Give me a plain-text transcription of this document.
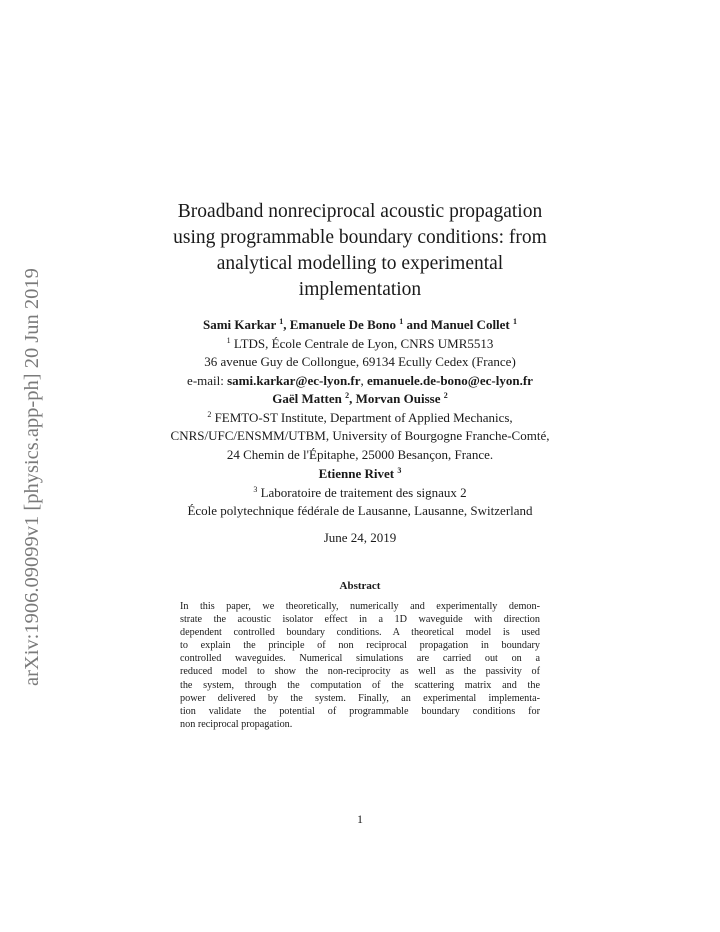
arXiv:1906.09099v1 [physics.app-ph] 20 Jun 2019
Broadband nonreciprocal acoustic propagation
using programmable boundary conditions: from
analytical modelling to experimental
implementation
Sami Karkar $^1$, Emanuele De Bono $^1$ and Manuel Collet $^1$
$^1$ LTDS, École Centrale de Lyon, CNRS UMR5513
36 avenue Guy de Collongue, 69134 Ecully Cedex (France)
e-mail: sami.karkar@ec-lyon.fr, emanuele.de-bono@ec-lyon.fr
Gaël Matten $^2$, Morvan Ouisse $^2$
$^2$ FEMTO-ST Institute, Department of Applied Mechanics,
CNRS/UFC/ENSMM/UTBM, University of Bourgogne Franche-Comté,
24 Chemin de l'Épitaphe, 25000 Besançon, France.
Etienne Rivet $^3$
$^3$ Laboratoire de traitement des signaux 2
École polytechnique fédérale de Lausanne, Lausanne, Switzerland
June 24, 2019
Abstract
In this paper, we theoretically, numerically and experimentally demon-
strate the acoustic isolator effect in a 1D waveguide with direction
dependent controlled boundary conditions. A theoretical model is used
to explain the principle of non reciprocal propagation in boundary
controlled waveguides. Numerical simulations are carried out on a
reduced model to show the non-reciprocity as well as the passivity of
the system, through the computation of the scattering matrix and the
power delivered by the system. Finally, an experimental implementa-
tion validate the potential of programmable boundary conditions for
non reciprocal propagation.
1
